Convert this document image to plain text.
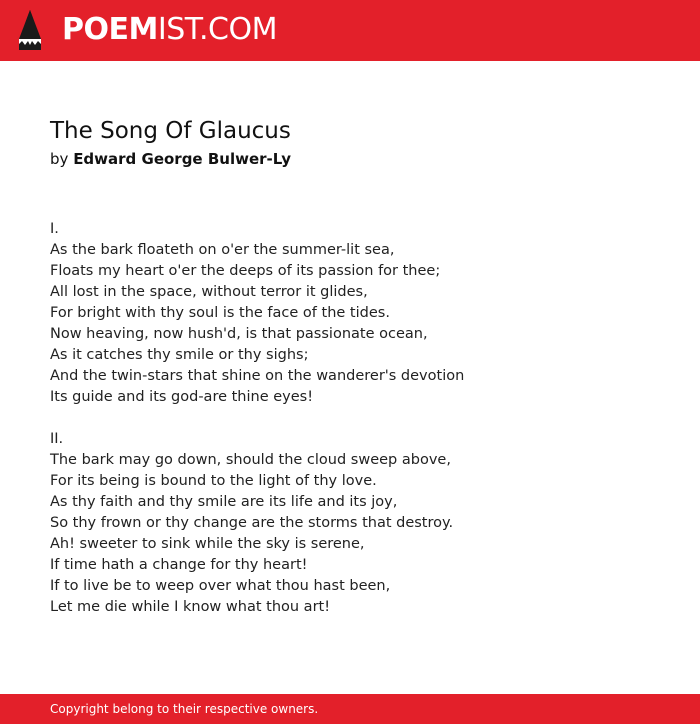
POEMIST.COM
The Song Of Glaucus
by Edward George Bulwer-Ly
I.
As the bark floateth on o'er the summer-lit sea,
Floats my heart o'er the deeps of its passion for thee;
All lost in the space, without terror it glides,
For bright with thy soul is the face of the tides.
Now heaving, now hush'd, is that passionate ocean,
As it catches thy smile or thy sighs;
And the twin-stars that shine on the wanderer's devotion
Its guide and its god-are thine eyes!
II.
The bark may go down, should the cloud sweep above,
For its being is bound to the light of thy love.
As thy faith and thy smile are its life and its joy,
So thy frown or thy change are the storms that destroy.
Ah! sweeter to sink while the sky is serene,
If time hath a change for thy heart!
If to live be to weep over what thou hast been,
Let me die while I know what thou art!
Copyright belong to their respective owners.
